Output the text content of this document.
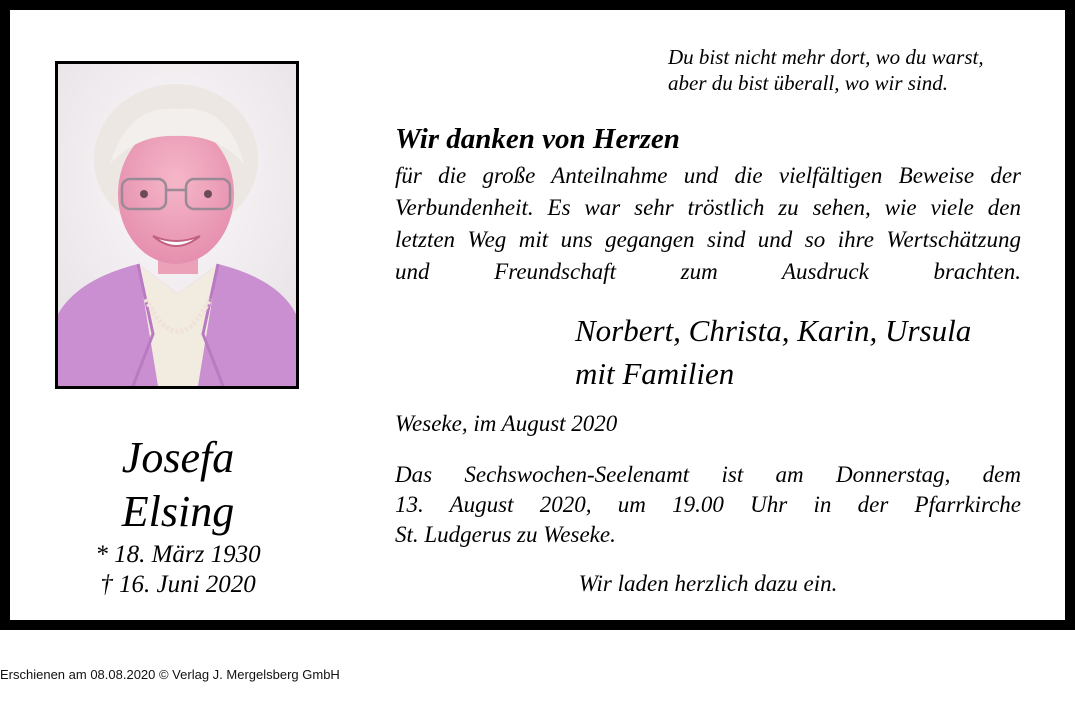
Josefa
Elsing
* 18. März 1930
† 16. Juni 2020
Du bist nicht mehr dort, wo du warst,
aber du bist überall, wo wir sind.
Wir danken von Herzen
für die große Anteilnahme und die vielfältigen Beweise der
Verbundenheit. Es war sehr tröstlich zu sehen, wie viele den
letzten Weg mit uns gegangen sind und so ihre Wertschätzung
und Freundschaft zum Ausdruck brachten.
Norbert, Christa, Karin, Ursula
mit Familien
Weseke, im August 2020
Das Sechswochen-Seelenamt ist am Donnerstag, dem
13. August 2020, um 19.00 Uhr in der Pfarrkirche
St. Ludgerus zu Weseke.
Wir laden herzlich dazu ein.
Erschienen am 08.08.2020 © Verlag J. Mergelsberg GmbH
